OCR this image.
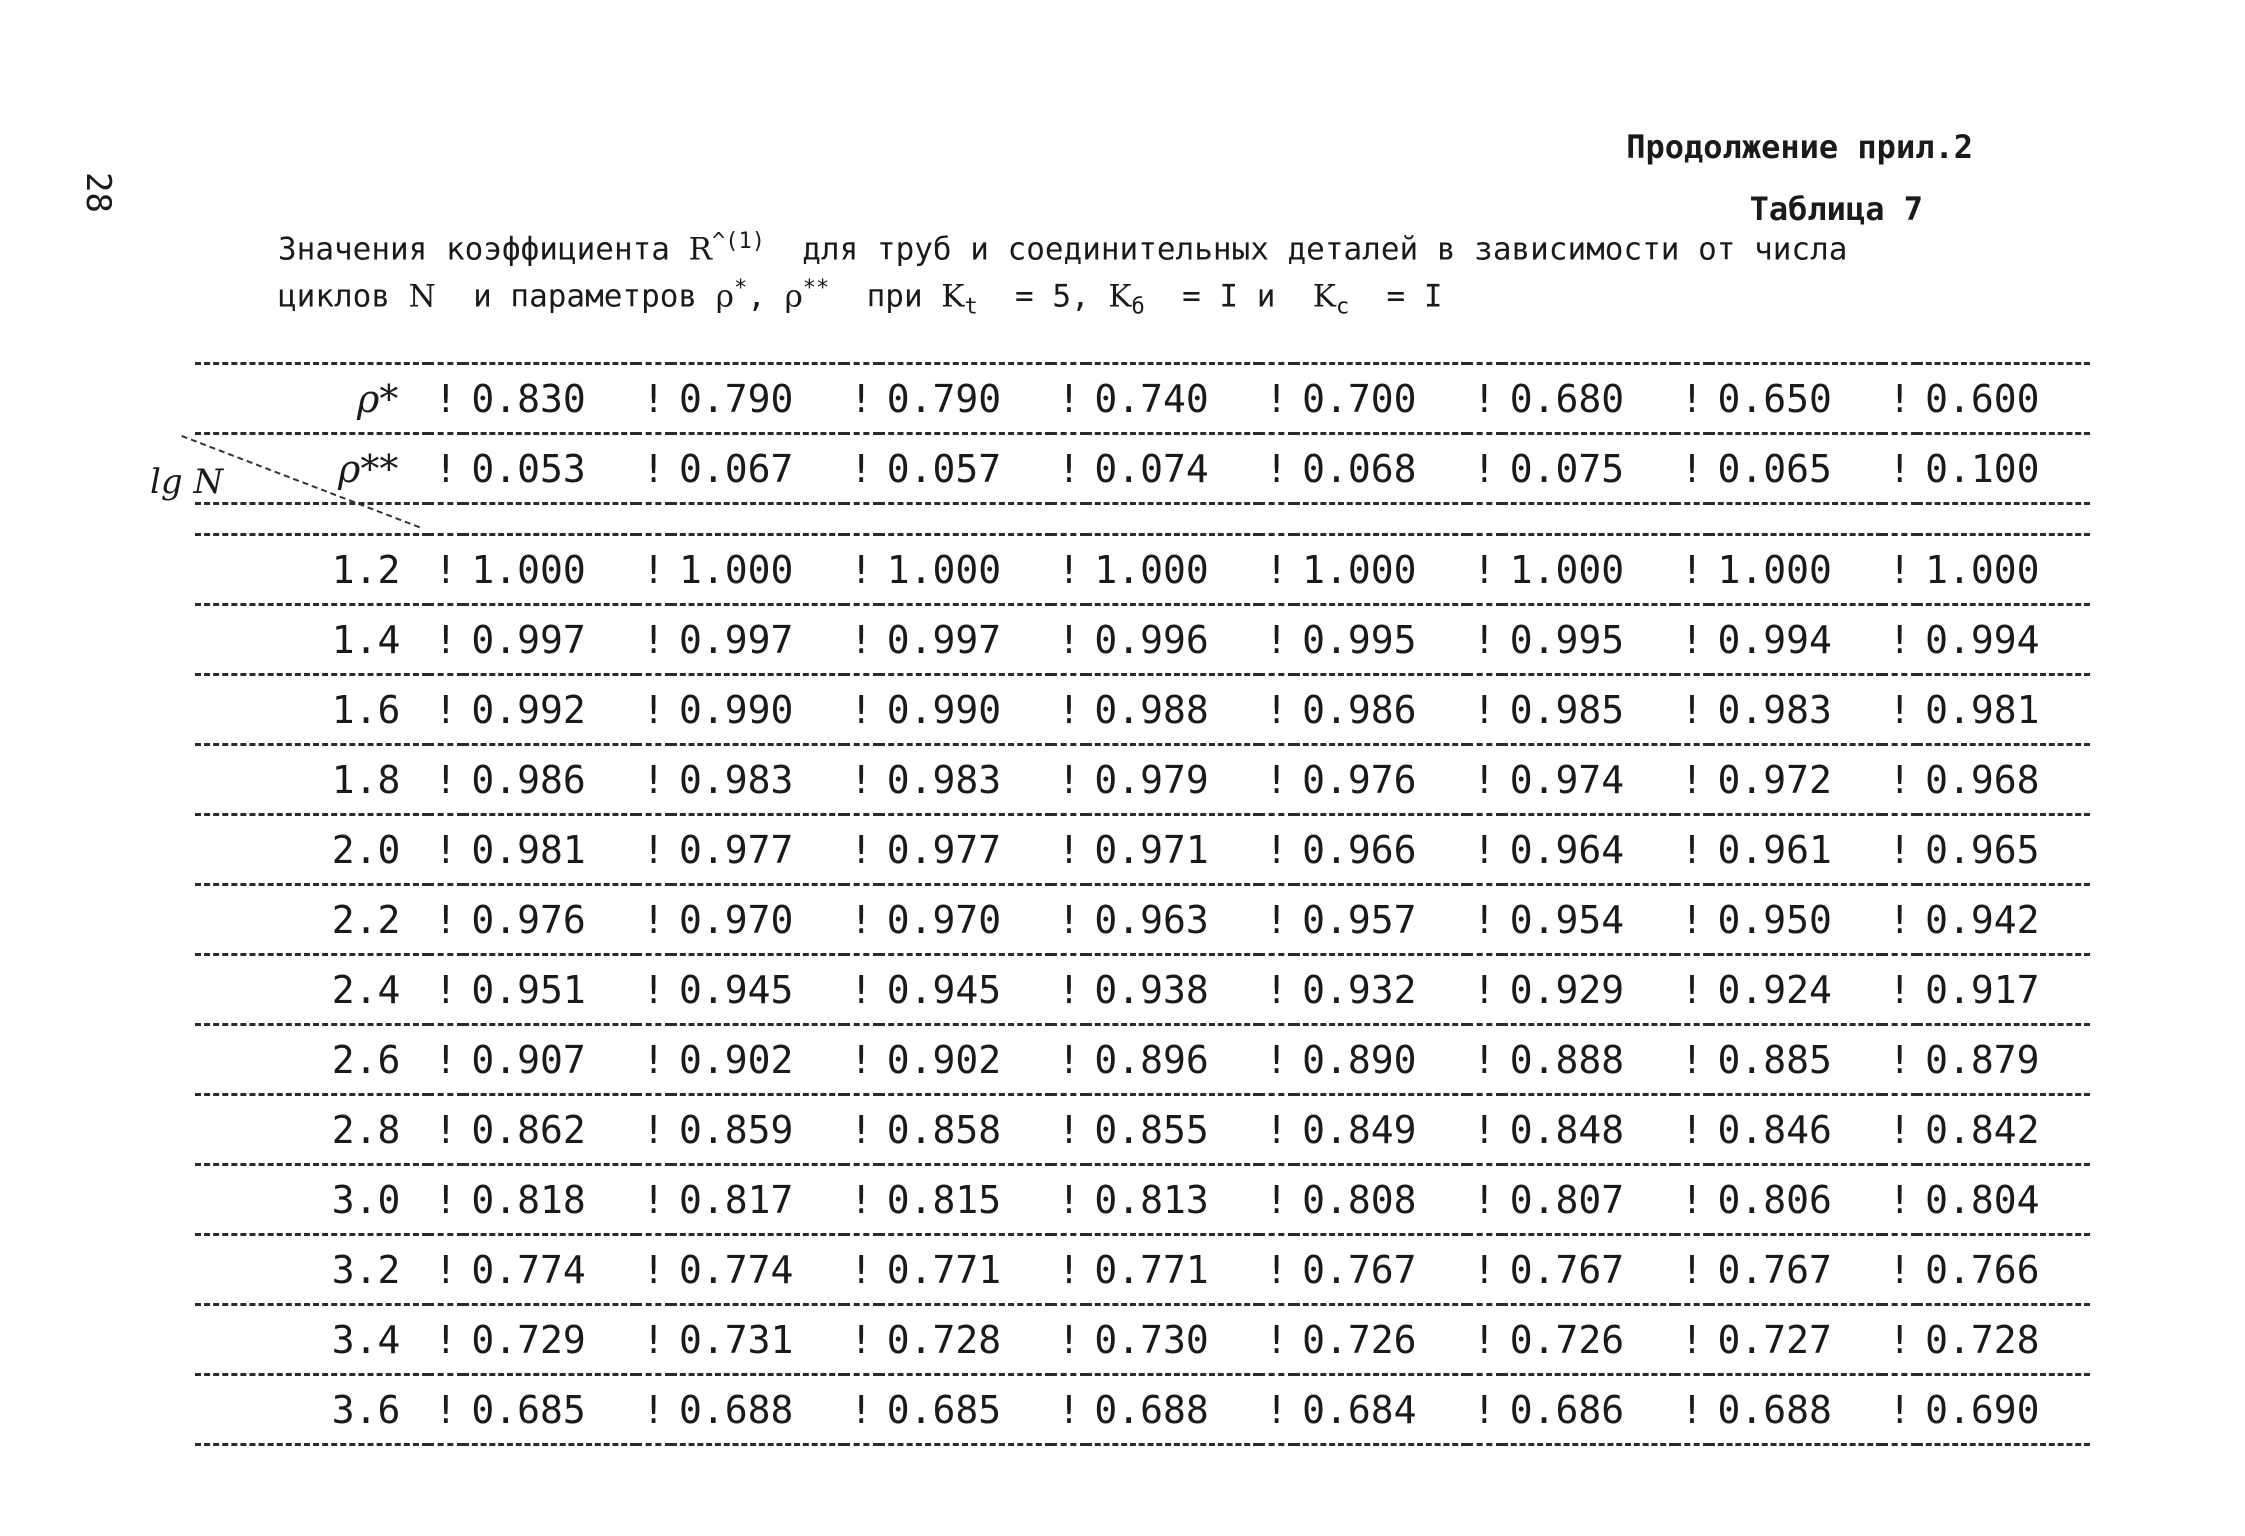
28
Продолжение прил.2
Таблица 7
Значения коэффициента $R^{\^{}(1)}$  для труб и соединительных деталей в зависимости от числа
циклов N  и параметров ρ*, ρ**  при $K_t = 5$, $K_б = I$ и  $K_c = I$
lg N
ρ*	!	0.830	!	0.790	!	0.790	!	0.740	!	0.700	!	0.680	!	0.650	!	0.600
ρ**	!	0.053	!	0.067	!	0.057	!	0.074	!	0.068	!	0.075	!	0.065	!	0.100

1.2	!	1.000	!	1.000	!	1.000	!	1.000	!	1.000	!	1.000	!	1.000	!	1.000
1.4	!	0.997	!	0.997	!	0.997	!	0.996	!	0.995	!	0.995	!	0.994	!	0.994
1.6	!	0.992	!	0.990	!	0.990	!	0.988	!	0.986	!	0.985	!	0.983	!	0.981
1.8	!	0.986	!	0.983	!	0.983	!	0.979	!	0.976	!	0.974	!	0.972	!	0.968
2.0	!	0.981	!	0.977	!	0.977	!	0.971	!	0.966	!	0.964	!	0.961	!	0.965
2.2	!	0.976	!	0.970	!	0.970	!	0.963	!	0.957	!	0.954	!	0.950	!	0.942
2.4	!	0.951	!	0.945	!	0.945	!	0.938	!	0.932	!	0.929	!	0.924	!	0.917
2.6	!	0.907	!	0.902	!	0.902	!	0.896	!	0.890	!	0.888	!	0.885	!	0.879
2.8	!	0.862	!	0.859	!	0.858	!	0.855	!	0.849	!	0.848	!	0.846	!	0.842
3.0	!	0.818	!	0.817	!	0.815	!	0.813	!	0.808	!	0.807	!	0.806	!	0.804
3.2	!	0.774	!	0.774	!	0.771	!	0.771	!	0.767	!	0.767	!	0.767	!	0.766
3.4	!	0.729	!	0.731	!	0.728	!	0.730	!	0.726	!	0.726	!	0.727	!	0.728
3.6	!	0.685	!	0.688	!	0.685	!	0.688	!	0.684	!	0.686	!	0.688	!	0.690
